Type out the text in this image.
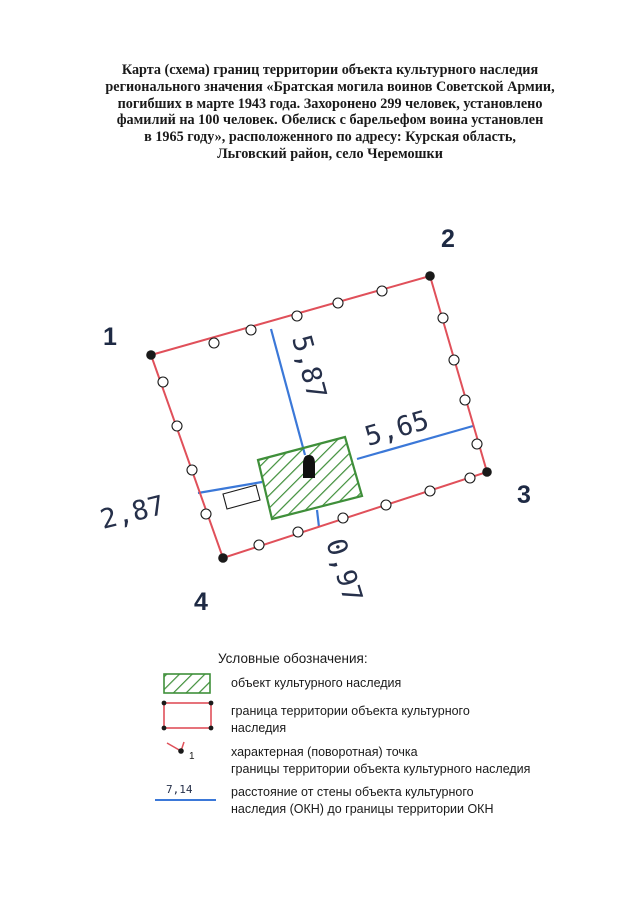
Карта (схема) границ территории объекта культурного наследия
регионального значения «Братская могила воинов Советской Армии,
погибших в марте 1943 года. Захоронено 299 человек, установлено
фамилий на 100 человек. Обелиск с барельефом воина установлен
в 1965 году», расположенного по адресу: Курская область,
Льговский район, село Черемошки
5,87
5,65
2,87
0,97
1
2
3
4
Условные обозначения:
объект культурного наследия
граница территории объекта культурного
наследия
1	характерная (поворотная) точка
границы территории объекта культурного наследия
7,14	расстояние от стены объекта культурного
наследия (ОКН) до границы территории ОКН
